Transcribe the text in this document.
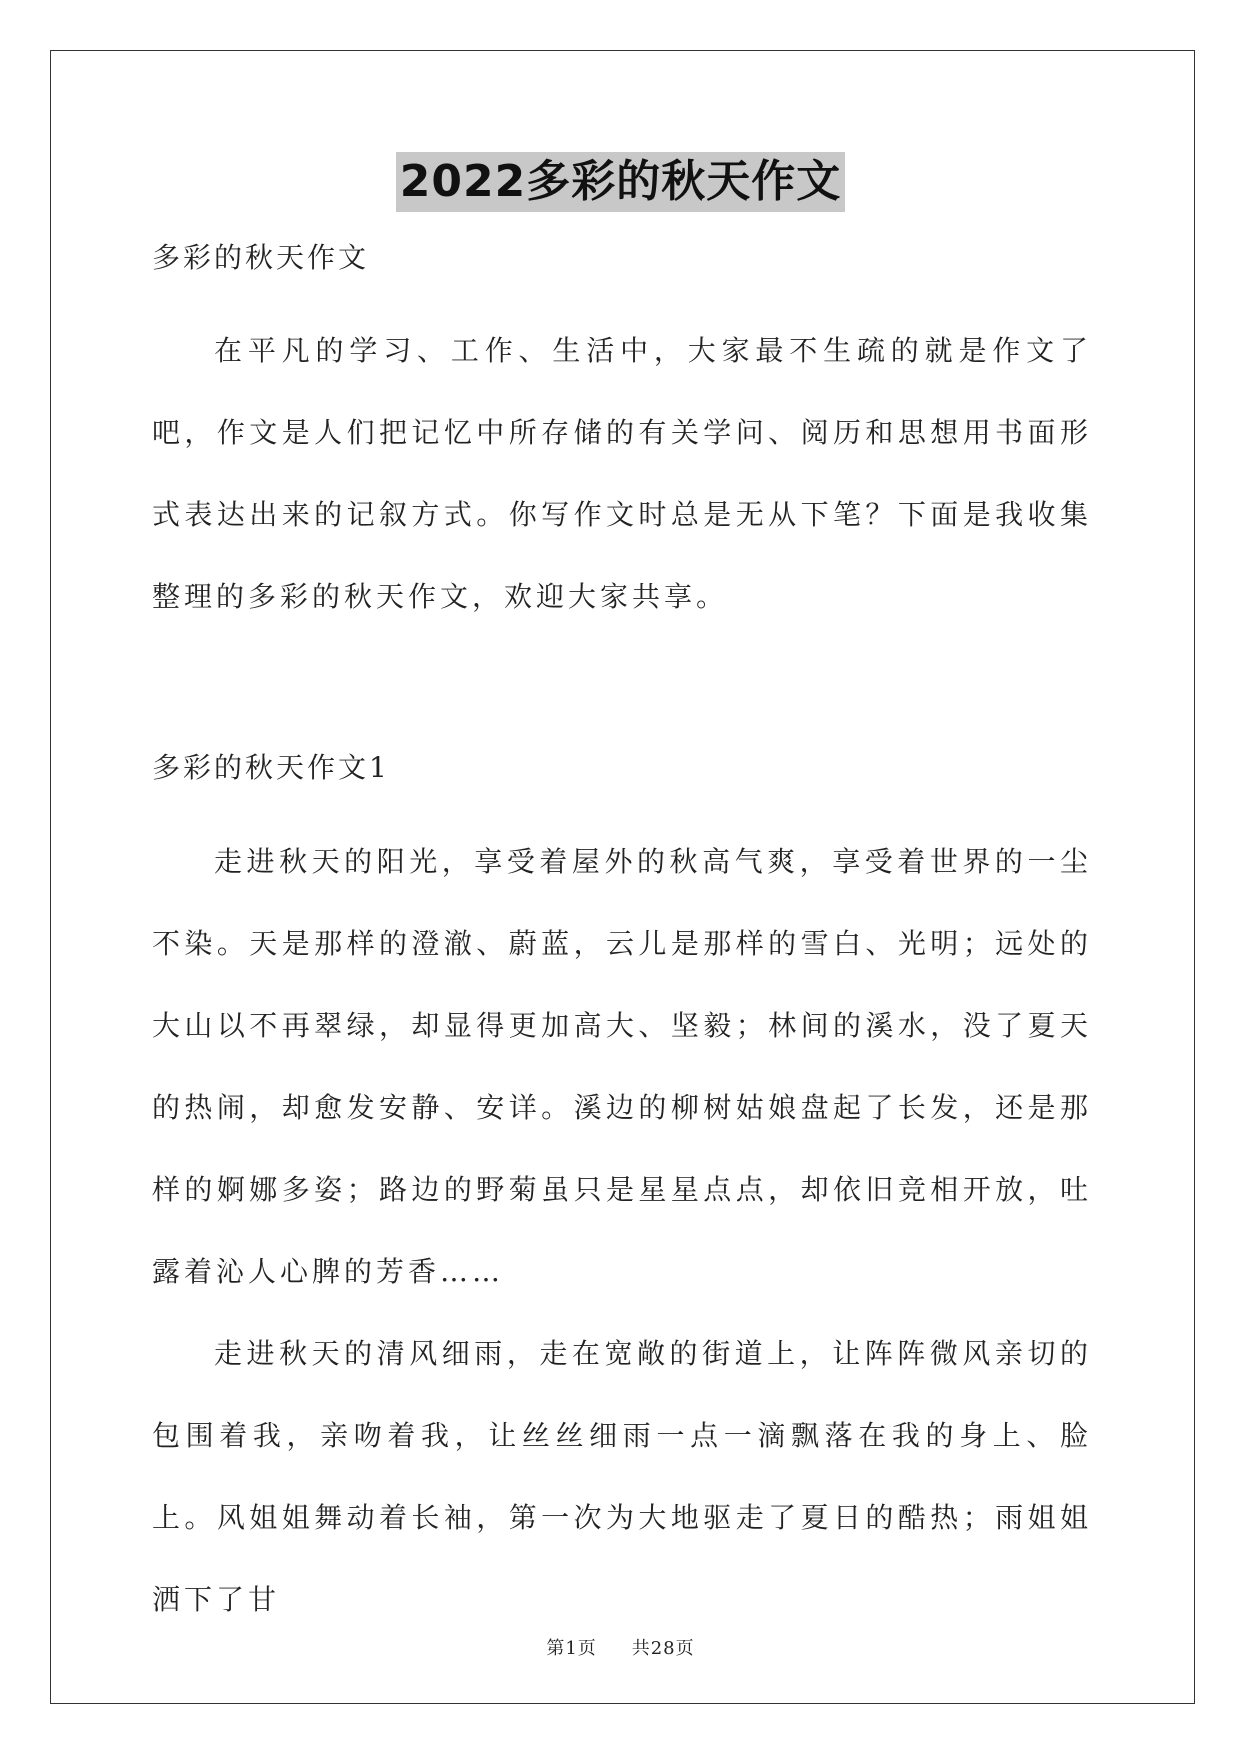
2022多彩的秋天作文

多彩的秋天作文

在平凡的学习、工作、生活中，大家最不生疏的就是作文了吧，作文是人们把记忆中所存储的有关学问、阅历和思想用书面形式表达出来的记叙方式。你写作文时总是无从下笔？下面是我收集整理的多彩的秋天作文，欢迎大家共享。

多彩的秋天作文1

走进秋天的阳光，享受着屋外的秋高气爽，享受着世界的一尘不染。天是那样的澄澈、蔚蓝，云儿是那样的雪白、光明；远处的大山以不再翠绿，却显得更加高大、坚毅；林间的溪水，没了夏天的热闹，却愈发安静、安详。溪边的柳树姑娘盘起了长发，还是那样的婀娜多姿；路边的野菊虽只是星星点点，却依旧竞相开放，吐露着沁人心脾的芳香……

走进秋天的清风细雨，走在宽敞的街道上，让阵阵微风亲切的包围着我，亲吻着我，让丝丝细雨一点一滴飘落在我的身上、脸上。风姐姐舞动着长袖，第一次为大地驱走了夏日的酷热；雨姐姐洒下了甘

第1页 共28页
